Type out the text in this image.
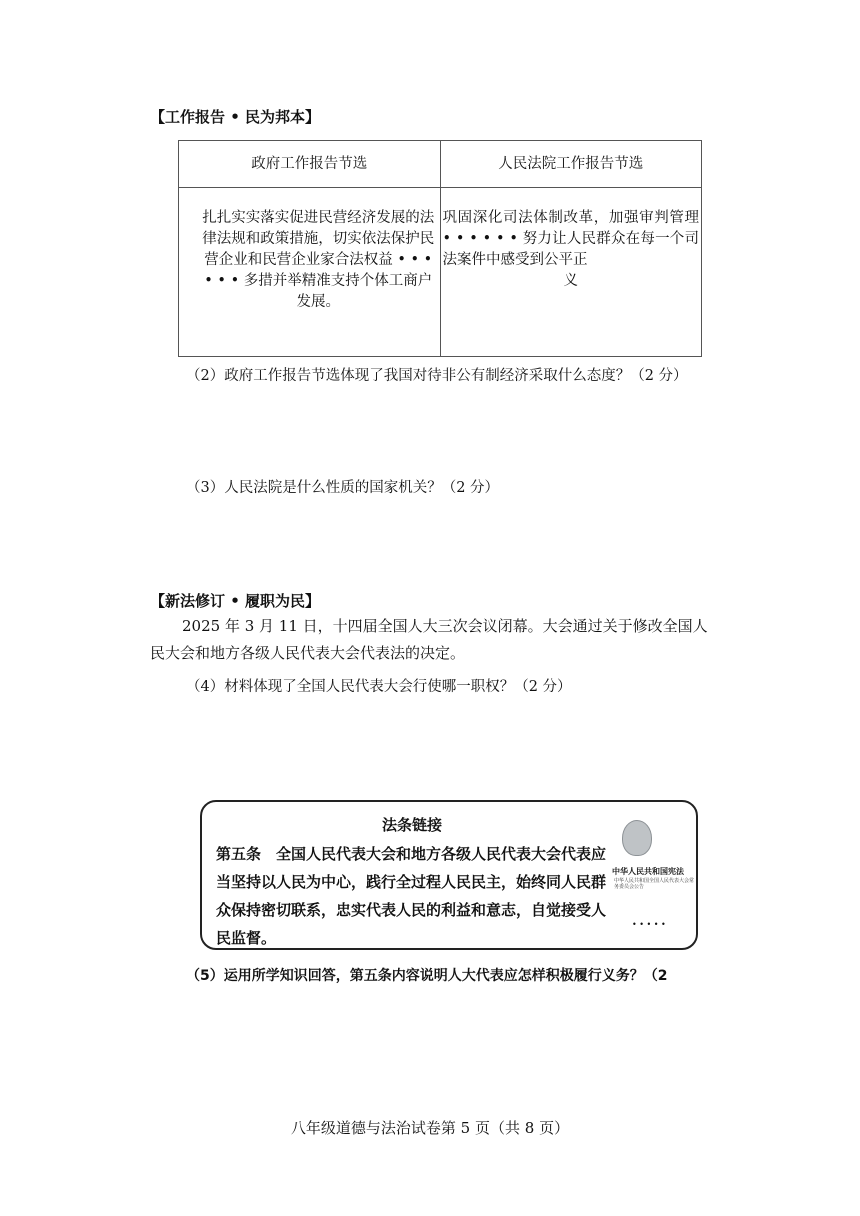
【工作报告 • 民为邦本】
政府工作报告节选	人民法院工作报告节选
扎扎实实落实促进民营经济发展的法律法规和政策措施，切实依法保护民营企业和民营企业家合法权益 • • • • • • 多措并举精准支持个体工商户发展。	巩固深化司法体制改革，加强审判管理 • • • • • • 努力让人民群众在每一个司法案件中感受到公平正
义
（2）政府工作报告节选体现了我国对待非公有制经济采取什么态度？（2 分）
（3）人民法院是什么性质的国家机关？（2 分）
【新法修订 • 履职为民】
2025 年 3 月 11 日，十四届全国人大三次会议闭幕。大会通过关于修改全国人民大会和地方各级人民代表大会代表法的决定。
（4）材料体现了全国人民代表大会行使哪一职权？（2 分）
法条链接
第五条　全国人民代表大会和地方各级人民代表大会代表应当坚持以人民为中心，践行全过程人民民主，始终同人民群众保持密切联系，忠实代表人民的利益和意志，自觉接受人民监督。
中华人民共和国宪法
中华人民共和国全国人民代表大会常务委员会公告
• • • • •
（5）运用所学知识回答，第五条内容说明人大代表应怎样积极履行义务？（2
八年级道德与法治试卷第 5 页（共 8 页）
